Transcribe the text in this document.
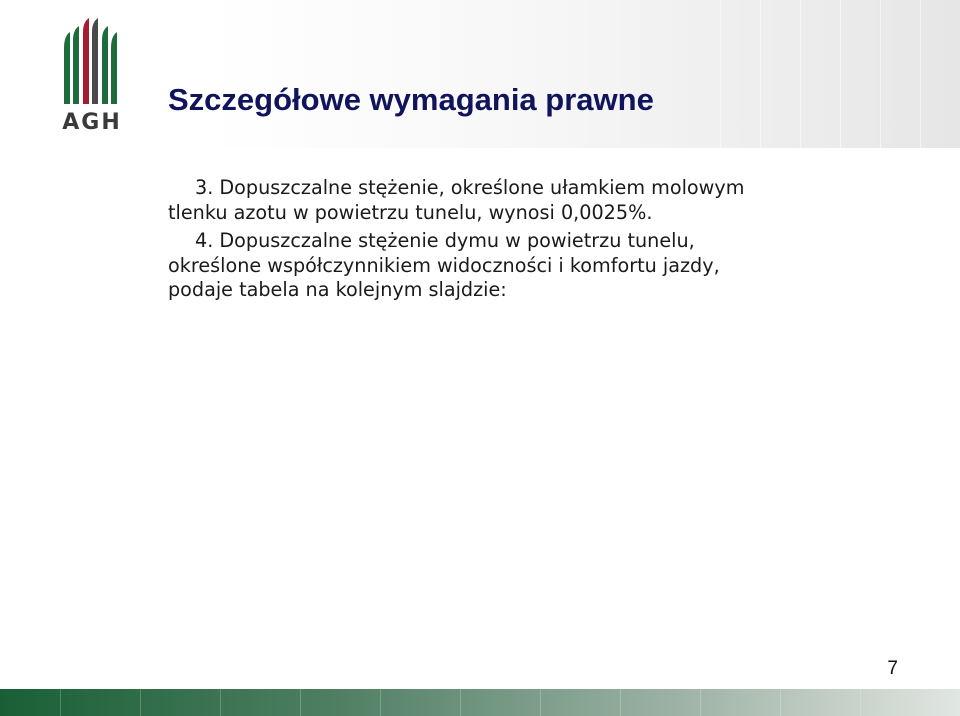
AGH
Szczegółowe wymagania prawne

3. Dopuszczalne stężenie, określone ułamkiem molowym
tlenku azotu w powietrzu tunelu, wynosi 0,0025%.

4. Dopuszczalne stężenie dymu w powietrzu tunelu,
określone współczynnikiem widoczności i komfortu jazdy,
podaje tabela na kolejnym slajdzie:

7
